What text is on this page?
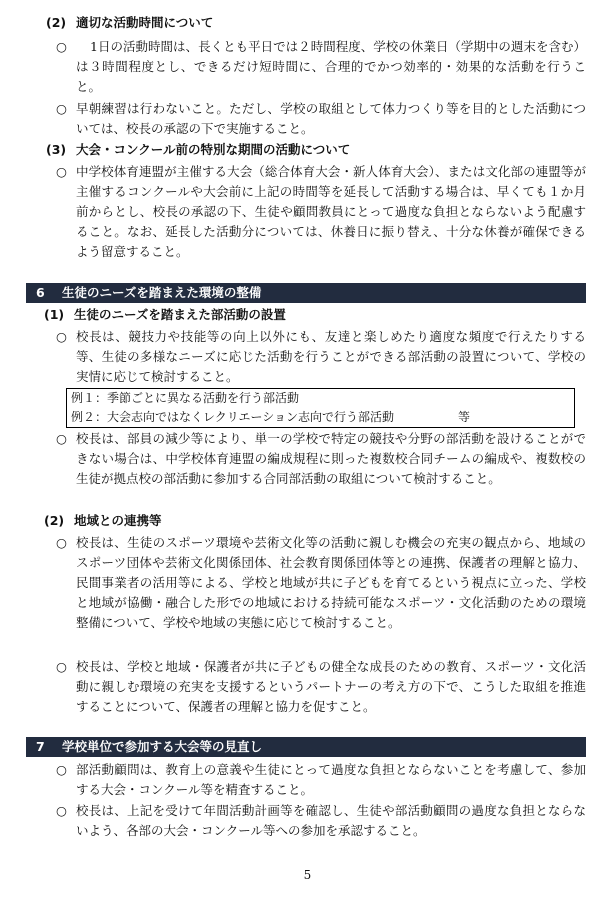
(2) 適切な活動時間について
○	1日の活動時間は、長くとも平日では２時間程度、学校の休業日（学期中の週末を含む）は３時間程度とし、できるだけ短時間に、合理的でかつ効率的・効果的な活動を行うこと。
○ 早朝練習は行わないこと。ただし、学校の取組として体力つくり等を目的とした活動については、校長の承認の下で実施すること。
(3) 大会・コンクール前の特別な期間の活動について
○ 中学校体育連盟が主催する大会（総合体育大会・新人体育大会）、または文化部の連盟等が主催するコンクールや大会前に上記の時間等を延長して活動する場合は、早くても１か月前からとし、校長の承認の下、生徒や顧問教員にとって過度な負担とならないよう配慮すること。なお、延長した活動分については、休養日に振り替え、十分な休養が確保できるよう留意すること。
6 生徒のニーズを踏まえた環境の整備
(1) 生徒のニーズを踏まえた部活動の設置
○ 校長は、競技力や技能等の向上以外にも、友達と楽しめたり適度な頻度で行えたりする等、生徒の多様なニーズに応じた活動を行うことができる部活動の設置について、学校の実情に応じて検討すること。
例１：季節ごとに異なる活動を行う部活動
例２：大会志向ではなくレクリエーション志向で行う部活動	等
○ 校長は、部員の減少等により、単一の学校で特定の競技や分野の部活動を設けることができない場合は、中学校体育連盟の編成規程に則った複数校合同チームの編成や、複数校の生徒が拠点校の部活動に参加する合同部活動の取組について検討すること。
(2) 地域との連携等
○ 校長は、生徒のスポーツ環境や芸術文化等の活動に親しむ機会の充実の観点から、地域のスポーツ団体や芸術文化関係団体、社会教育関係団体等との連携、保護者の理解と協力、民間事業者の活用等による、学校と地域が共に子どもを育てるという視点に立った、学校と地域が協働・融合した形での地域における持続可能なスポーツ・文化活動のための環境整備について、学校や地域の実態に応じて検討すること。
○ 校長は、学校と地域・保護者が共に子どもの健全な成長のための教育、スポーツ・文化活動に親しむ環境の充実を支援するというパートナーの考え方の下で、こうした取組を推進することについて、保護者の理解と協力を促すこと。
7 学校単位で参加する大会等の見直し
○ 部活動顧問は、教育上の意義や生徒にとって過度な負担とならないことを考慮して、参加する大会・コンクール等を精査すること。
○ 校長は、上記を受けて年間活動計画等を確認し、生徒や部活動顧問の過度な負担とならないよう、各部の大会・コンクール等への参加を承認すること。
5
